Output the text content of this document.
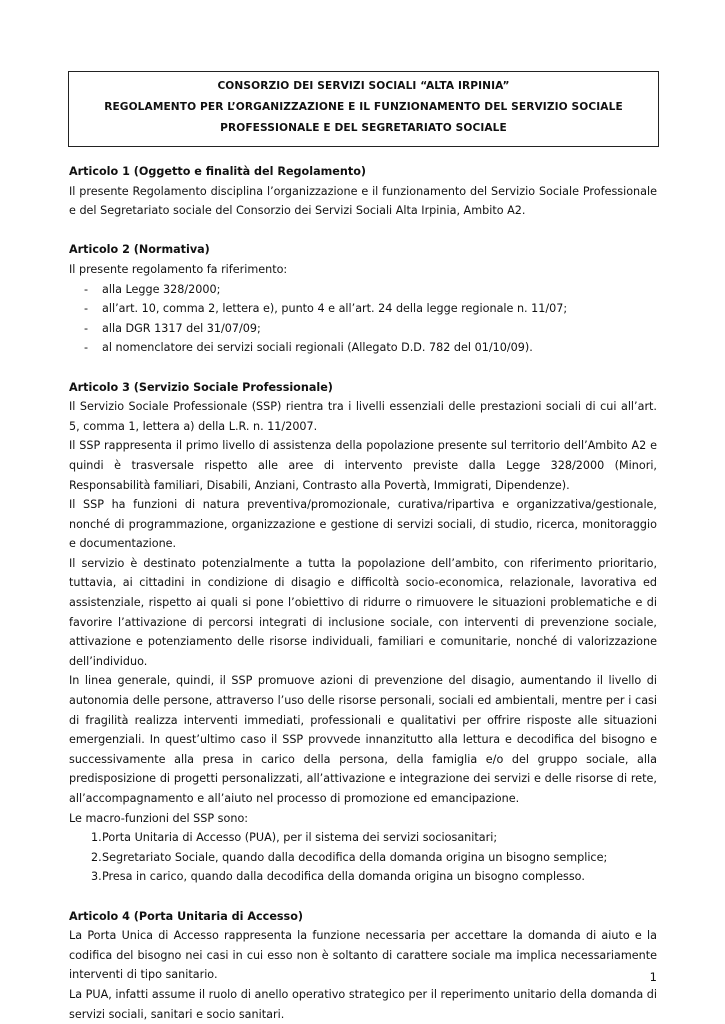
CONSORZIO DEI SERVIZI SOCIALI “ALTA IRPINIA”
REGOLAMENTO PER L’ORGANIZZAZIONE E IL FUNZIONAMENTO DEL SERVIZIO SOCIALE
PROFESSIONALE E DEL SEGRETARIATO SOCIALE
Articolo 1 (Oggetto e finalità del Regolamento)
Il presente Regolamento disciplina l’organizzazione e il funzionamento del Servizio Sociale Professionale e del Segretariato sociale del Consorzio dei Servizi Sociali Alta Irpinia, Ambito A2.
Articolo 2 (Normativa)
Il presente regolamento fa riferimento:
-	alla Legge 328/2000;
-	all’art. 10, comma 2, lettera e), punto 4 e all’art. 24 della legge regionale n. 11/07;
-	alla DGR 1317 del 31/07/09;
-	al nomenclatore dei servizi sociali regionali (Allegato D.D. 782 del 01/10/09).
Articolo 3 (Servizio Sociale Professionale)
Il Servizio Sociale Professionale (SSP) rientra tra i livelli essenziali delle prestazioni sociali di cui all’art. 5, comma 1, lettera a) della L.R. n. 11/2007.
Il SSP rappresenta il primo livello di assistenza della popolazione presente sul territorio dell’Ambito A2 e quindi è trasversale rispetto alle aree di intervento previste dalla Legge 328/2000 (Minori, Responsabilità familiari, Disabili, Anziani, Contrasto alla Povertà, Immigrati, Dipendenze).
Il SSP ha funzioni di natura preventiva/promozionale, curativa/ripartiva e organizzativa/gestionale, nonché di programmazione, organizzazione e gestione di servizi sociali, di studio, ricerca, monitoraggio e documentazione.
Il servizio è destinato potenzialmente a tutta la popolazione dell’ambito, con riferimento prioritario, tuttavia, ai cittadini in condizione di disagio e difficoltà socio-economica, relazionale, lavorativa ed assistenziale, rispetto ai quali si pone l’obiettivo di ridurre o rimuovere le situazioni problematiche e di favorire l’attivazione di percorsi integrati di inclusione sociale, con interventi di prevenzione sociale, attivazione e potenziamento delle risorse individuali, familiari e comunitarie, nonché di valorizzazione dell’individuo.
In linea generale, quindi, il SSP promuove azioni di prevenzione del disagio, aumentando il livello di autonomia delle persone, attraverso l’uso delle risorse personali, sociali ed ambientali, mentre per i casi di fragilità realizza interventi immediati, professionali e qualitativi per offrire risposte alle situazioni emergenziali. In quest’ultimo caso il SSP provvede innanzitutto alla lettura e decodifica del bisogno e successivamente alla presa in carico della persona, della famiglia e/o del gruppo sociale, alla predisposizione di progetti personalizzati, all’attivazione e integrazione dei servizi e delle risorse di rete, all’accompagnamento e all’aiuto nel processo di promozione ed emancipazione.
Le macro-funzioni del SSP sono:
1. Porta Unitaria di Accesso (PUA), per il sistema dei servizi sociosanitari;
2. Segretariato Sociale, quando dalla decodifica della domanda origina un bisogno semplice;
3. Presa in carico, quando dalla decodifica della domanda origina un bisogno complesso.
Articolo 4 (Porta Unitaria di Accesso)
La Porta Unica di Accesso rappresenta la funzione necessaria per accettare la domanda di aiuto e la codifica del bisogno nei casi in cui esso non è soltanto di carattere sociale ma implica necessariamente interventi di tipo sanitario.
La PUA, infatti assume il ruolo di anello operativo strategico per il reperimento unitario della domanda di servizi sociali, sanitari e socio sanitari.
1
